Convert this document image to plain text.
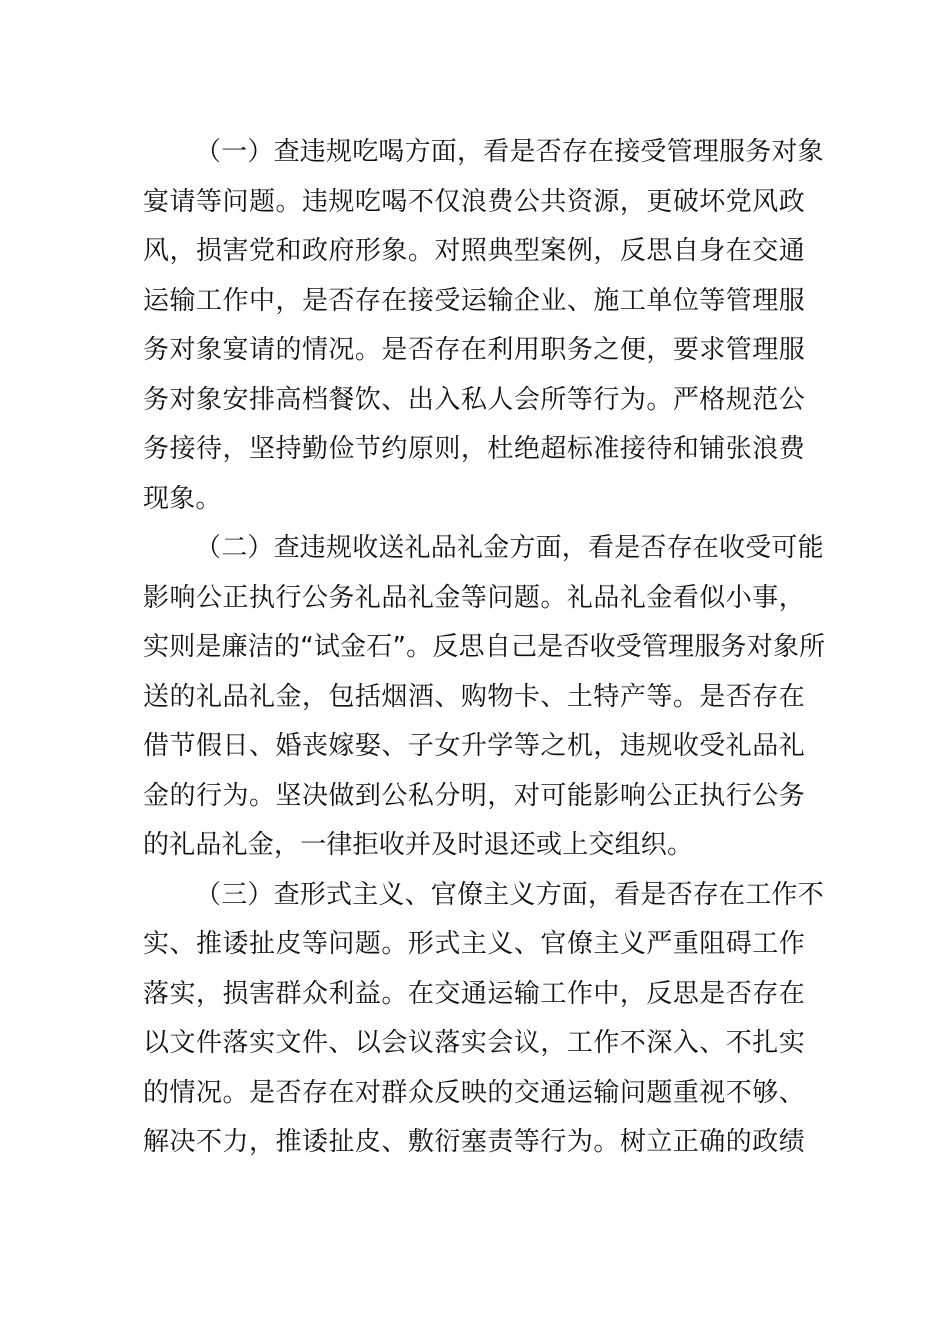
（一）查违规吃喝方面，看是否存在接受管理服务对象
宴请等问题。违规吃喝不仅浪费公共资源，更破坏党风政
风，损害党和政府形象。对照典型案例，反思自身在交通
运输工作中，是否存在接受运输企业、施工单位等管理服
务对象宴请的情况。是否存在利用职务之便，要求管理服
务对象安排高档餐饮、出入私人会所等行为。严格规范公
务接待，坚持勤俭节约原则，杜绝超标准接待和铺张浪费
现象。
（二）查违规收送礼品礼金方面，看是否存在收受可能
影响公正执行公务礼品礼金等问题。礼品礼金看似小事，
实则是廉洁的“试金石”。反思自己是否收受管理服务对象所
送的礼品礼金，包括烟酒、购物卡、土特产等。是否存在
借节假日、婚丧嫁娶、子女升学等之机，违规收受礼品礼
金的行为。坚决做到公私分明，对可能影响公正执行公务
的礼品礼金，一律拒收并及时退还或上交组织。
（三）查形式主义、官僚主义方面，看是否存在工作不
实、推诿扯皮等问题。形式主义、官僚主义严重阻碍工作
落实，损害群众利益。在交通运输工作中，反思是否存在
以文件落实文件、以会议落实会议，工作不深入、不扎实
的情况。是否存在对群众反映的交通运输问题重视不够、
解决不力，推诿扯皮、敷衍塞责等行为。树立正确的政绩
